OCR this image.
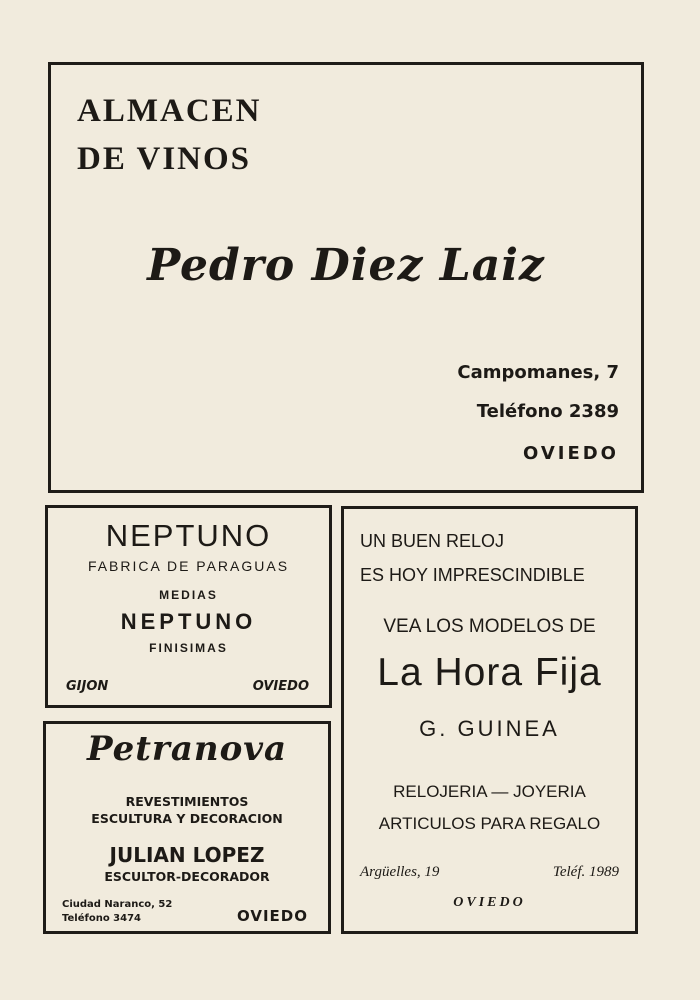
ALMACEN
DE VINOS
Pedro Diez Laiz
Campomanes, 7
Teléfono 2389
OVIEDO
NEPTUNO
FABRICA DE PARAGUAS
MEDIAS
NEPTUNO
FINISIMAS
GIJON	OVIEDO
Petranova
REVESTIMIENTOS
ESCULTURA Y DECORACION
JULIAN LOPEZ
ESCULTOR-DECORADOR
Ciudad Naranco, 52
Teléfono 3474	OVIEDO
UN BUEN RELOJ
ES HOY IMPRESCINDIBLE
VEA LOS MODELOS DE
La Hora Fija
G. GUINEA
RELOJERIA — JOYERIA
ARTICULOS PARA REGALO
Argüelles, 19	Teléf. 1989
OVIEDO
